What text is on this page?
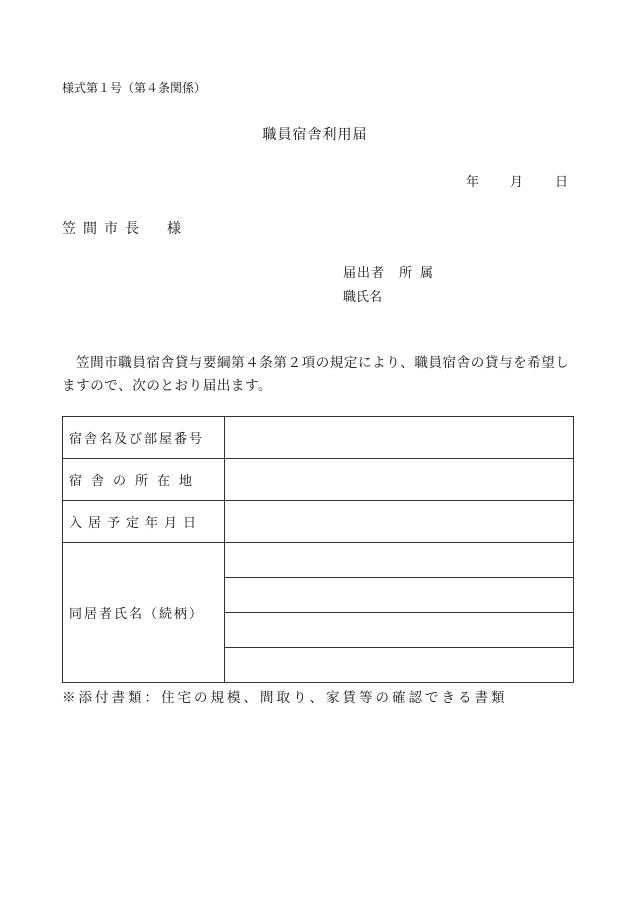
様式第１号（第４条関係）
職員宿舎利用届
年 月 日
笠間市長　様
届出者 所属
職氏名
笠間市職員宿舎貸与要綱第４条第２項の規定により、職員宿舎の貸与を希望しますので、次のとおり届出ます。
宿舎名及び部屋番号	
宿舎の所在地	
入居予定年月日	
同居者氏名（続柄）	

※添付書類：住宅の規模、間取り、家賃等の確認できる書類
